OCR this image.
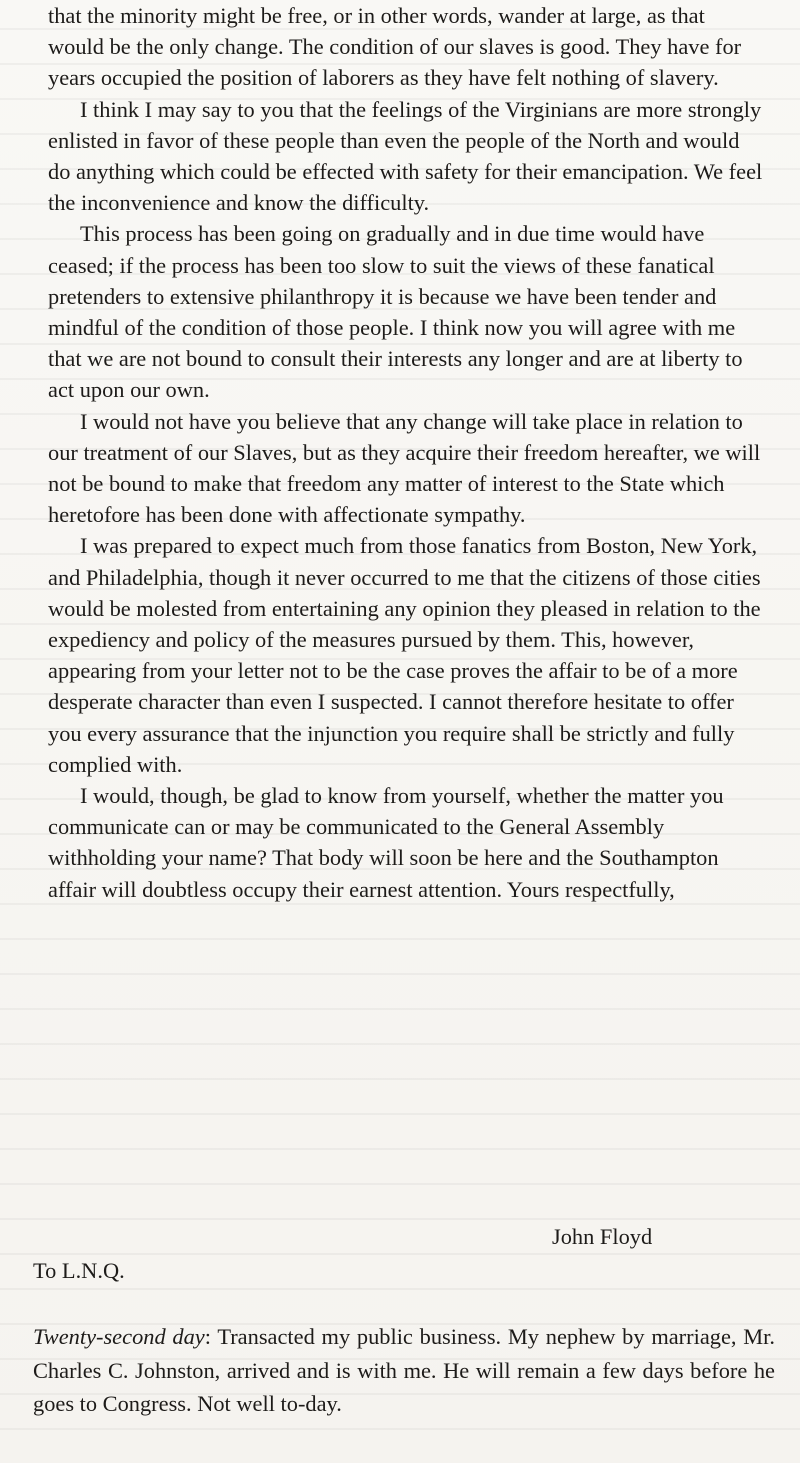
that the minority might be free, or in other words, wander at large, as that would be the only change. The condition of our slaves is good. They have for years occupied the position of laborers as they have felt nothing of slavery.

I think I may say to you that the feelings of the Virginians are more strongly enlisted in favor of these people than even the people of the North and would do anything which could be effected with safety for their emancipation. We feel the inconvenience and know the difficulty.

This process has been going on gradually and in due time would have ceased; if the process has been too slow to suit the views of these fanatical pretenders to extensive philanthropy it is because we have been tender and mindful of the condition of those people. I think now you will agree with me that we are not bound to consult their interests any longer and are at liberty to act upon our own.

I would not have you believe that any change will take place in relation to our treatment of our Slaves, but as they acquire their freedom hereafter, we will not be bound to make that freedom any matter of interest to the State which heretofore has been done with affectionate sympathy.

I was prepared to expect much from those fanatics from Boston, New York, and Philadelphia, though it never occurred to me that the citizens of those cities would be molested from entertaining any opinion they pleased in relation to the expediency and policy of the measures pursued by them. This, however, appearing from your letter not to be the case proves the affair to be of a more desperate character than even I suspected. I cannot therefore hesitate to offer you every assurance that the injunction you require shall be strictly and fully complied with.

I would, though, be glad to know from yourself, whether the matter you communicate can or may be communicated to the General Assembly withholding your name? That body will soon be here and the Southampton affair will doubtless occupy their earnest attention. Yours respectfully,

John Floyd
To L.N.Q.
Twenty-second day: Transacted my public business. My nephew by marriage, Mr. Charles C. Johnston, arrived and is with me. He will remain a few days before he goes to Congress. Not well to-day.
